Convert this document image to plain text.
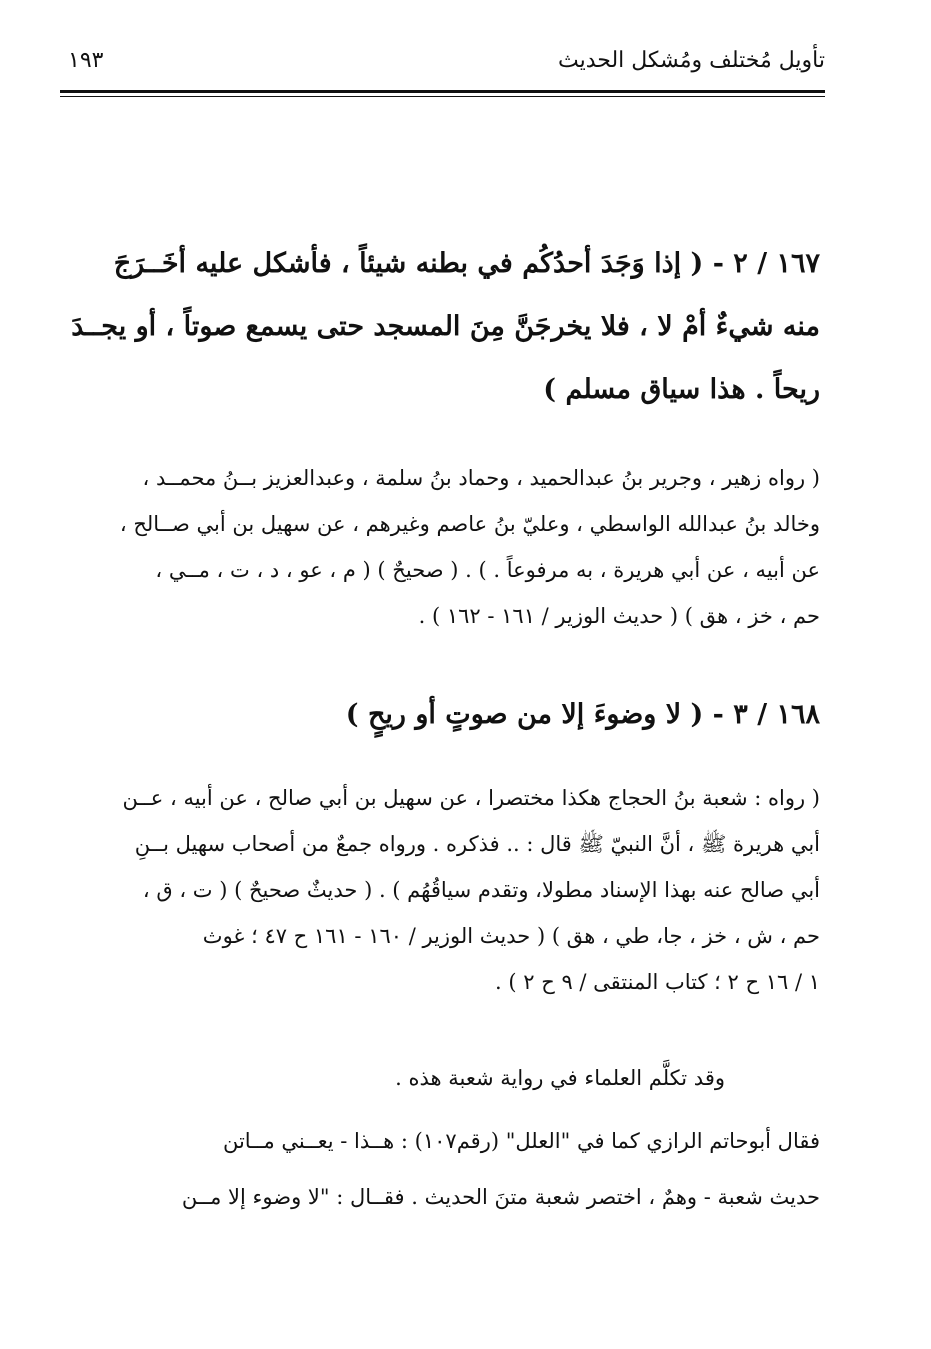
تأويل مُختلف ومُشكل الحديث
١٩٣
١٦٧ / ٢ - ( إذا وَجَدَ أحدُكُم في بطنه شيئاً ، فأشكل عليه أخَــرَجَ
منه شيءٌ أمْ لا ، فلا يخرجَنَّ مِنَ المسجد حتى يسمع صوتاً ، أو يجــدَ
ريحاً . هذا سياق مسلم )
( رواه زهير ، وجرير بنُ عبدالحميد ، وحماد بنُ سلمة ، وعبدالعزيز بــنُ محمــد ،
وخالد بنُ عبدالله الواسطي ، وعليّ بنُ عاصم وغيرهم ، عن سهيل بن أبي صــالح ،
عن أبيه ، عن أبي هريرة ، به مرفوعاً . ) . ( صحيحٌ ) ( م ، عو ، د ، ت ، مــي ،
حم ، خز ، هق ) ( حديث الوزير / ١٦١ - ١٦٢ ) .
١٦٨ / ٣ - ( لا وضوءَ إلا من صوتٍ أو ريحٍ )
( رواه : شعبة بنُ الحجاج هكذا مختصرا ، عن سهيل بن أبي صالح ، عن أبيه ، عــن
أبي هريرة ﷺ ، أنَّ النبيّ ﷺ قال : .. فذكره . ورواه جمعٌ من أصحاب سهيل بــنِ
أبي صالح عنه بهذا الإسناد مطولا، وتقدم سياقُهُم ) . ( حديثٌ صحيحٌ ) ( ت ، ق ،
حم ، ش ، خز ، جا، طي ، هق ) ( حديث الوزير / ١٦٠ - ١٦١ ح ٤٧ ؛ غوث
١ / ١٦ ح ٢ ؛ كتاب المنتقى / ٩ ح ٢ ) .
وقد تكلَّم العلماء في رواية شعبة هذه .
فقال أبوحاتم الرازي كما في "العلل" (رقم١٠٧) : هــذا - يعــني مــاتن
حديث شعبة - وهمٌ ، اختصر شعبة متنَ الحديث . فقــال : "لا وضوء إلا مــن
